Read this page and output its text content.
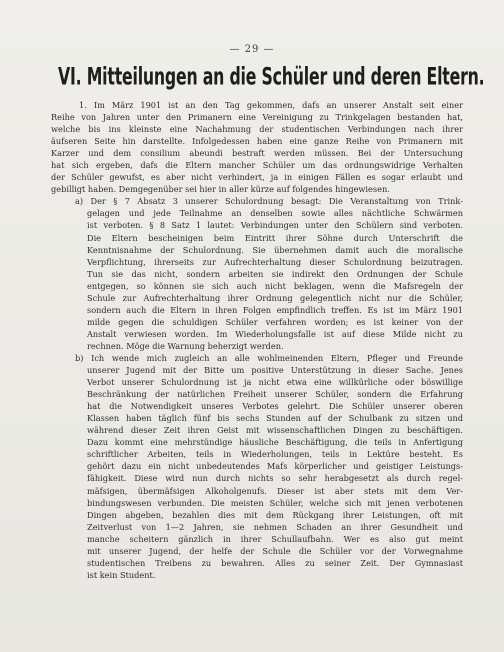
— 29 —
VI. Mitteilungen an die Schüler und deren Eltern.
1. Im März 1901 ist an den Tag gekommen, dafs an unserer Anstalt seit einer
Reihe von Jahren unter den Primanern eine Vereinigung zu Trinkgelagen bestanden hat,
welche bis ins kleinste eine Nachahmung der studentischen Verbindungen nach ihrer
äufseren Seite hin darstellte. Infolgedessen haben eine ganze Reihe von Primanern mit
Karzer und dem consilium abeundi bestraft werden müssen. Bei der Untersuchung
hat sich ergeben, dafs die Eltern mancher Schüler um das ordnungswidrige Verhalten
der Schüler gewufst, es aber nicht verhindert, ja in einigen Fällen es sogar erlaubt und
gebilligt haben. Demgegenüber sei hier in aller kürze auf folgendes hingewiesen.
a) Der § 7 Absatz 3 unserer Schulordnung besagt: Die Veranstaltung von Trink-
gelagen und jede Teilnahme an denselben sowie alles nächtliche Schwärmen
ist verboten. § 8 Satz 1 lautet: Verbindungen unter den Schülern sind verboten.
Die Eltern bescheinigen beim Eintritt ihrer Söhne durch Unterschrift die
Kenntnisnahme der Schulordnung. Sie übernehmen damit auch die moralische
Verpflichtung, ihrerseits zur Aufrechterhaltung dieser Schulordnung beizutragen.
Tun sie das nicht, sondern arbeiten sie indirekt den Ordnungen der Schule
entgegen, so können sie sich auch nicht beklagen, wenn die Mafsregeln der
Schule zur Aufrechterhaltung ihrer Ordnung gelegentlich nicht nur die Schüler,
sondern auch die Eltern in ihren Folgen empfindlich treffen. Es ist im März 1901
milde gegen die schuldigen Schüler verfahren worden; es ist keiner von der
Anstalt verwiesen worden. Im Wiederholungsfalle ist auf diese Milde nicht zu
rechnen. Möge die Warnung beherzigt werden.
b) Ich wende mich zugleich an alle wohlmeinenden Eltern, Pfleger und Freunde
unserer Jugend mit der Bitte um positive Unterstützung in dieser Sache. Jenes
Verbot unserer Schulordnung ist ja nicht etwa eine willkürliche oder böswillige
Beschränkung der natürlichen Freiheit unserer Schüler, sondern die Erfahrung
hat die Notwendigkeit unseres Verbotes gelehrt. Die Schüler unserer oberen
Klassen haben täglich fünf bis sechs Stunden auf der Schulbank zu sitzen und
während dieser Zeit ihren Geist mit wissenschaftlichen Dingen zu beschäftigen.
Dazu kommt eine mehrstündige häusliche Beschäftigung, die teils in Anfertigung
schriftlicher Arbeiten, teils in Wiederholungen, teils in Lektüre besteht. Es
gehört dazu ein nicht unbedeutendes Mafs körperlicher und geistiger Leistungs-
fähigkeit. Diese wird nun durch nichts so sehr herabgesetzt als durch regel-
mäfsigen, übermäfsigen Alkoholgenufs. Dieser ist aber stets mit dem Ver-
bindungswesen verbunden. Die meisten Schüler, welche sich mit jenen verbotenen
Dingen abgeben, bezahlen dies mit dem Rückgang ihrer Leistungen, oft mit
Zeitverlust von 1—2 Jahren, sie nehmen Schaden an ihrer Gesundheit und
manche scheitern gänzlich in ihrer Schullaufbahn. Wer es also gut meint
mit unserer Jugend, der helfe der Schule die Schüler vor der Vorwegnahme
studentischen Treibens zu bewahren. Alles zu seiner Zeit. Der Gymnasiast
ist kein Student.
